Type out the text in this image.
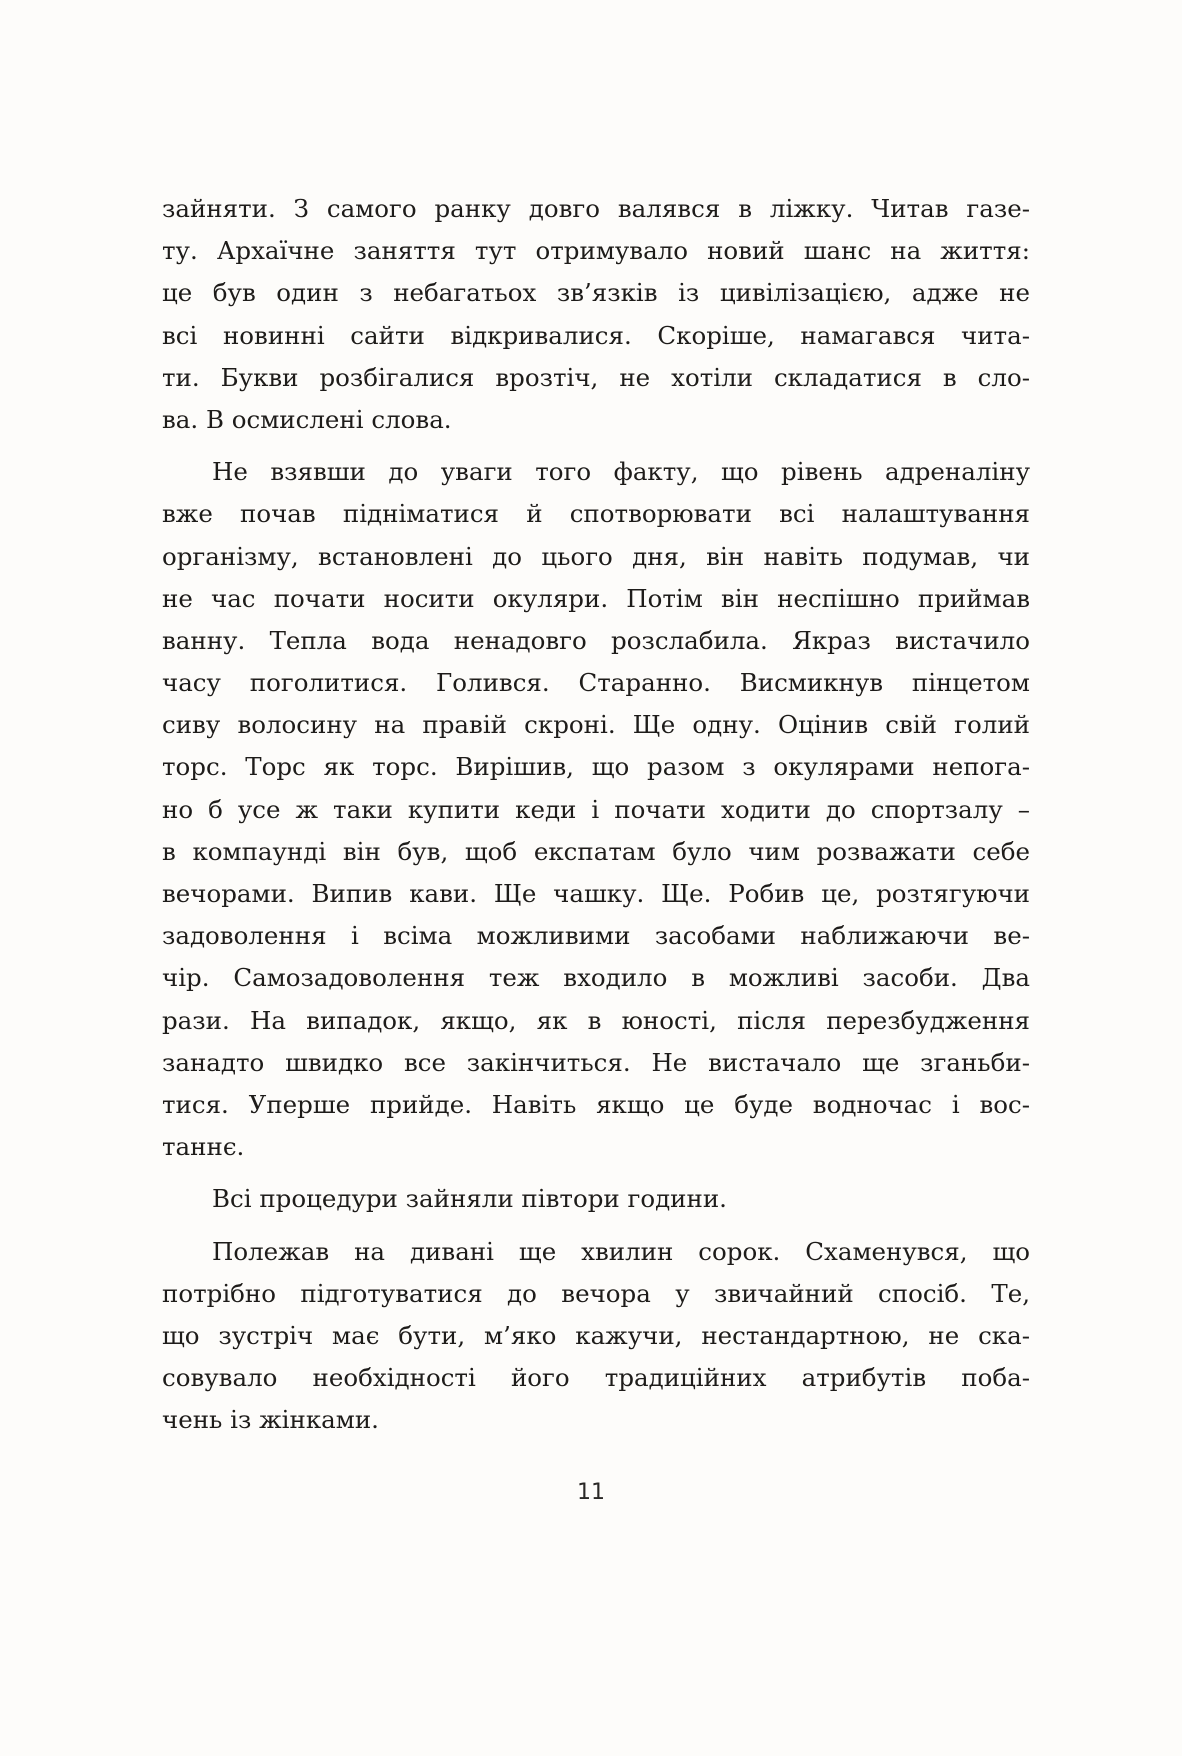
зайняти. З самого ранку довго валявся в ліжку. Читав газе-
ту. Архаїчне заняття тут отримувало новий шанс на життя:
це був один з небагатьох зв’язків із цивілізацією, адже не
всі новинні сайти відкривалися. Скоріше, намагався чита-
ти. Букви розбігалися врозтіч, не хотіли складатися в сло-
ва. В осмислені слова.
Не взявши до уваги того факту, що рівень адреналіну
вже почав підніматися й спотворювати всі налаштування
організму, встановлені до цього дня, він навіть подумав, чи
не час почати носити окуляри. Потім він неспішно приймав
ванну. Тепла вода ненадовго розслабила. Якраз вистачило
часу поголитися. Голився. Старанно. Висмикнув пінцетом
сиву волосину на правій скроні. Ще одну. Оцінив свій голий
торс. Торс як торс. Вирішив, що разом з окулярами непога-
но б усе ж таки купити кеди і почати ходити до спортзалу –
в компаунді він був, щоб експатам було чим розважати себе
вечорами. Випив кави. Ще чашку. Ще. Робив це, розтягуючи
задоволення і всіма можливими засобами наближаючи ве-
чір. Самозадоволення теж входило в можливі засоби. Два
рази. На випадок, якщо, як в юності, після перезбудження
занадто швидко все закінчиться. Не вистачало ще зганьби-
тися. Уперше прийде. Навіть якщо це буде водночас і вос-
таннє.
Всі процедури зайняли півтори години.
Полежав на дивані ще хвилин сорок. Схаменувся, що
потрібно підготуватися до вечора у звичайний спосіб. Те,
що зустріч має бути, м’яко кажучи, нестандартною, не ска-
совувало необхідності його традиційних атрибутів поба-
чень із жінками.
11
